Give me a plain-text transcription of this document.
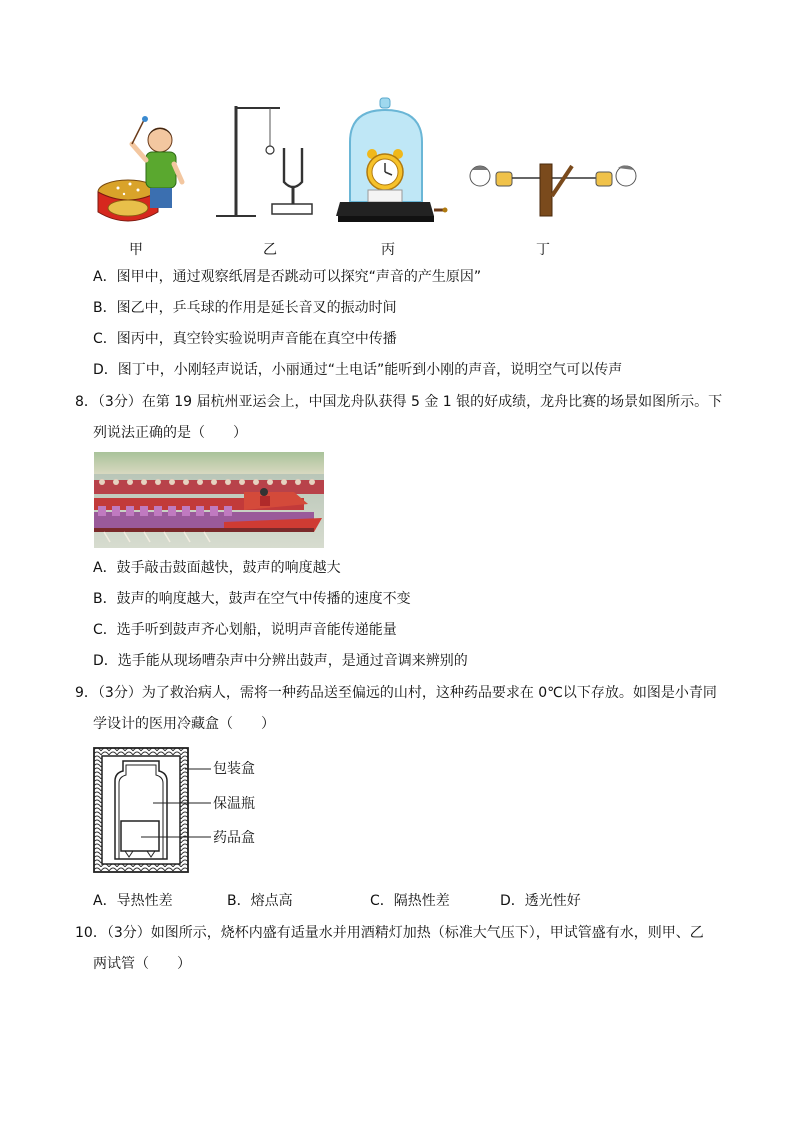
甲	乙	丙	丁
A．图甲中，通过观察纸屑是否跳动可以探究“声音的产生原因”
B．图乙中，乒乓球的作用是延长音叉的振动时间
C．图丙中，真空铃实验说明声音能在真空中传播
D．图丁中，小刚轻声说话，小丽通过“土电话”能听到小刚的声音，说明空气可以传声
8．（3分）在第 19 届杭州亚运会上，中国龙舟队获得 5 金 1 银的好成绩，龙舟比赛的场景如图所示。下
列说法正确的是（　　）
A．鼓手敲击鼓面越快，鼓声的响度越大
B．鼓声的响度越大，鼓声在空气中传播的速度不变
C．选手听到鼓声齐心划船，说明声音能传递能量
D．选手能从现场嘈杂声中分辨出鼓声，是通过音调来辨别的
9．（3分）为了救治病人，需将一种药品送至偏远的山村，这种药品要求在 0℃以下存放。如图是小青同
学设计的医用冷藏盒（　　）
包装盒
保温瓶
药品盒
A．导热性差	B．熔点高	C．隔热性差	D．透光性好
10．（3分）如图所示，烧杯内盛有适量水并用酒精灯加热（标准大气压下），甲试管盛有水，则甲、乙
两试管（　　）
